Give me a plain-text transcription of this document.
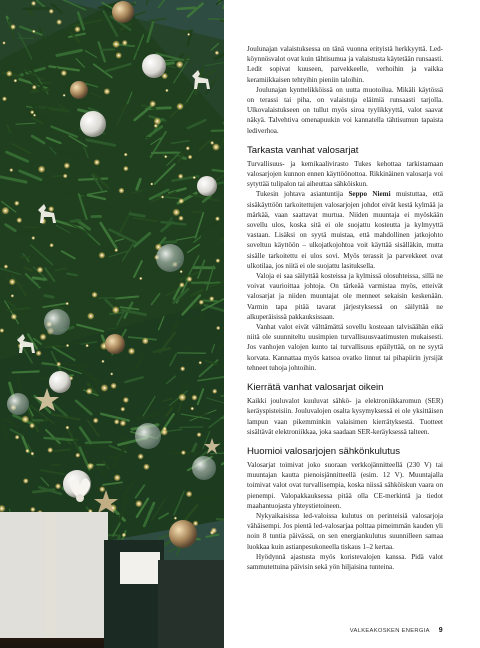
Joulunajan valaistuksessa on tänä vuonna erityistä herkkyyttä. Led-köynnösvalot ovat kuin tähtisumua ja valaistusta käytetään runsaasti. Ledit sopivat kuuseen, parvekkeelle, verhoihin ja vaikka keramiikkaisen tehtyihin pieniin taloihin.

Joulunajan kynttelikköissä on uutta muotoilua. Mikäli käytössä on terassi tai piha, on valaistuja eläimiä runsaasti tarjolla. Ulkovalaistukseen on tullut myös siroa tyylikkyyttä, valot saavat näkyä. Talvehtiva omenapuukin voi kannatella tähtisumun tapaista lediverhoa.

Tarkasta vanhat valosarjat

Turvallisuus- ja kemikaalivirasto Tukes kehottaa tarkistamaan valosarjojen kunnon ennen käyttöönottoa. Rikkinäinen valosarja voi sytyttää tulipalon tai aiheuttaa sähköiskun.

Tukesin johtava asiantuntija Seppo Niemi muistuttaa, että sisäkäyttöön tarkoitettujen valosarjojen johdot eivät kestä kylmää ja märkää, vaan saattavat murtua. Niiden muuntaja ei myöskään sovellu ulos, koska sitä ei ole suojattu kosteutta ja kylmyyttä vastaan. Lisäksi on syytä muistaa, että mahdollinen jatkojohto soveltuu käyttöön – ulkojatkojohtoa voit käyttää sisälläkin, mutta sisälle tarkoitettu ei ulos sovi. Myös terassit ja parvekkeet ovat ulkotilaa, jos niitä ei ole suojattu lasituksella.

Valoja ei saa säilyttää kosteissa ja kylmissä olosuhteissa, sillä ne voivat vaurioittaa johtoja. On tärkeää varmistaa myös, etteivät valosarjat ja niiden muuntajat ole menneet sekaisin keskenään. Varmin tapa pitää tavarat järjestyksessä on säilyttää ne alkuperäisissä pakkauksissaan.

Vanhat valot eivät välttämättä sovellu kosteaan talvisäähän eikä niitä ole suunniteltu uusimpien turvallisuusvaatimusten mukaisesti. Jos vanhojen valojen kunto tai turvallisuus epäilyttää, on ne syytä korvata. Kannattaa myös katsoa ovatko linnut tai pihapiirin jyrsijät tehneet tuhoja johtoihin.

Kierrätä vanhat valosarjat oikein

Kaikki jouluvalot kuuluvat sähkö- ja elektroniikkaromun (SER) keräyspisteisiin. Jouluvalojen osalta kysymyksessä ei ole yksittäisen lampun vaan pikemminkin valaisimen kierrätyksestä. Tuotteet sisältävät elektroniikkaa, joka saadaan SER-keräyksessä talteen.

Huomioi valosarjojen sähkönkulutus

Valosarjat toimivat joko suoraan verkkojännitteellä (230 V) tai muuntajan kautta pienoisjännitteellä (esim. 12 V). Muuntajalla toimivat valot ovat turvallisempia, koska niissä sähköiskun vaara on pienempi. Valopakkauksessa pitää olla CE-merkintä ja tiedot maahantuojasta yhteystietoineen.

Nykyaikaisissa led-valoissa kulutus on perinteisiä valosarjoja vähäisempi. Jos pientä led-valosarjaa polttaa pimeimmän kauden yli noin 8 tuntia päivässä, on sen energiankulutus suunnilleen samaa luokkaa kuin astianpesukoneella tiskaus 1–2 kertaa.

Hyödynnä ajastusta myös koristevalojen kanssa. Pidä valot sammutettuina päivisin sekä yön hiljaisina tunteina.

VALKEAKOSKEN ENERGIA 9
